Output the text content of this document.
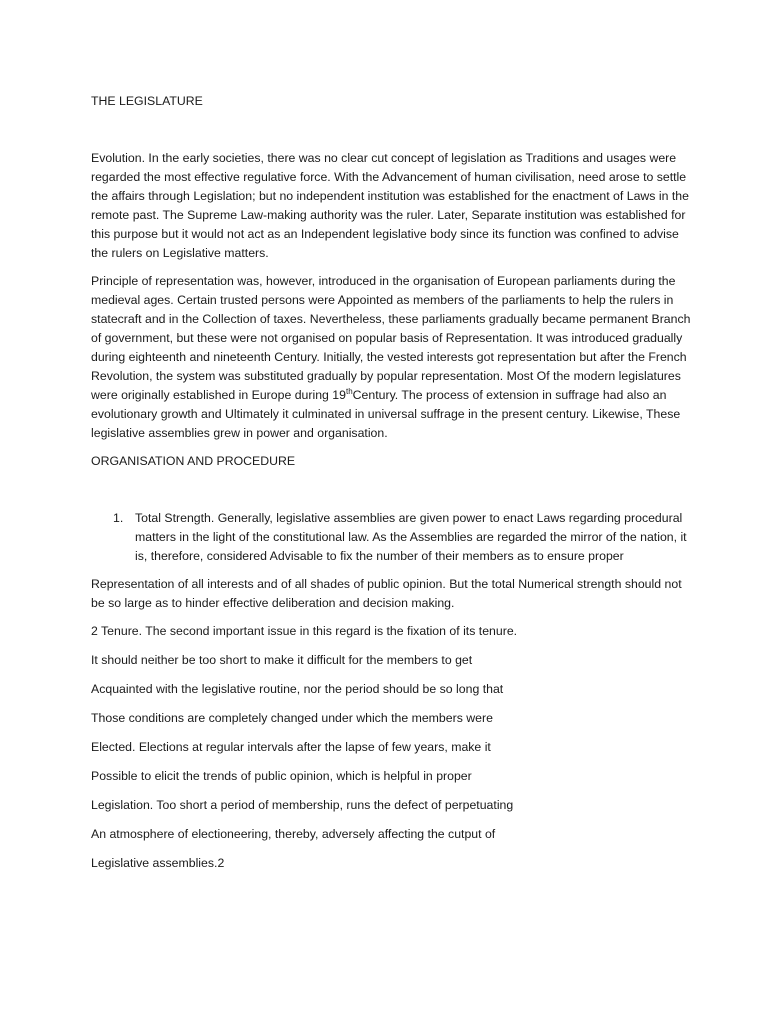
THE LEGISLATURE

Evolution. In the early societies, there was no clear cut concept of legislation as Traditions and usages were regarded the most effective regulative force. With the Advancement of human civilisation, need arose to settle the affairs through Legislation; but no independent institution was established for the enactment of Laws in the remote past. The Supreme Law-making authority was the ruler. Later, Separate institution was established for this purpose but it would not act as an Independent legislative body since its function was confined to advise the rulers on Legislative matters.

Principle of representation was, however, introduced in the organisation of European parliaments during the medieval ages. Certain trusted persons were Appointed as members of the parliaments to help the rulers in statecraft and in the Collection of taxes. Nevertheless, these parliaments gradually became permanent Branch of government, but these were not organised on popular basis of Representation. It was introduced gradually during eighteenth and nineteenth Century. Initially, the vested interests got representation but after the French Revolution, the system was substituted gradually by popular representation. Most Of the modern legislatures were originally established in Europe during 19thCentury. The process of extension in suffrage had also an evolutionary growth and Ultimately it culminated in universal suffrage in the present century. Likewise, These legislative assemblies grew in power and organisation.

ORGANISATION AND PROCEDURE

1. Total Strength. Generally, legislative assemblies are given power to enact Laws regarding procedural matters in the light of the constitutional law. As the Assemblies are regarded the mirror of the nation, it is, therefore, considered Advisable to fix the number of their members as to ensure proper

Representation of all interests and of all shades of public opinion. But the total Numerical strength should not be so large as to hinder effective deliberation and decision making.

2 Tenure. The second important issue in this regard is the fixation of its tenure.

It should neither be too short to make it difficult for the members to get

Acquainted with the legislative routine, nor the period should be so long that

Those conditions are completely changed under which the members were

Elected. Elections at regular intervals after the lapse of few years, make it

Possible to elicit the trends of public opinion, which is helpful in proper

Legislation. Too short a period of membership, runs the defect of perpetuating

An atmosphere of electioneering, thereby, adversely affecting the cutput of

Legislative assemblies.2
